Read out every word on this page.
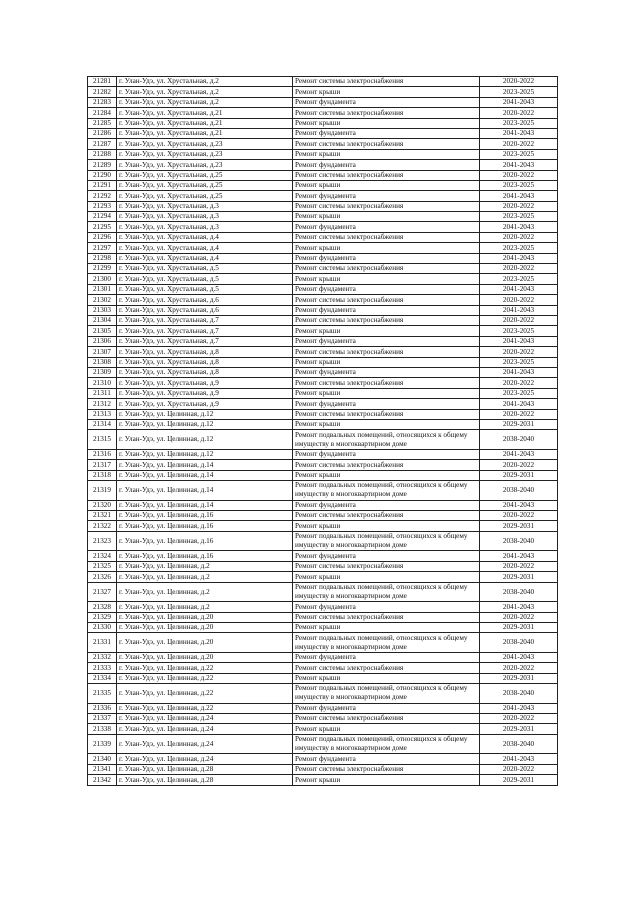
21281	г. Улан-Удэ, ул. Хрустальная, д.2	Ремонт системы электроснабжения	2020-2022
21282	г. Улан-Удэ, ул. Хрустальная, д.2	Ремонт крыши	2023-2025
21283	г. Улан-Удэ, ул. Хрустальная, д.2	Ремонт фундамента	2041-2043
21284	г. Улан-Удэ, ул. Хрустальная, д.21	Ремонт системы электроснабжения	2020-2022
21285	г. Улан-Удэ, ул. Хрустальная, д.21	Ремонт крыши	2023-2025
21286	г. Улан-Удэ, ул. Хрустальная, д.21	Ремонт фундамента	2041-2043
21287	г. Улан-Удэ, ул. Хрустальная, д.23	Ремонт системы электроснабжения	2020-2022
21288	г. Улан-Удэ, ул. Хрустальная, д.23	Ремонт крыши	2023-2025
21289	г. Улан-Удэ, ул. Хрустальная, д.23	Ремонт фундамента	2041-2043
21290	г. Улан-Удэ, ул. Хрустальная, д.25	Ремонт системы электроснабжения	2020-2022
21291	г. Улан-Удэ, ул. Хрустальная, д.25	Ремонт крыши	2023-2025
21292	г. Улан-Удэ, ул. Хрустальная, д.25	Ремонт фундамента	2041-2043
21293	г. Улан-Удэ, ул. Хрустальная, д.3	Ремонт системы электроснабжения	2020-2022
21294	г. Улан-Удэ, ул. Хрустальная, д.3	Ремонт крыши	2023-2025
21295	г. Улан-Удэ, ул. Хрустальная, д.3	Ремонт фундамента	2041-2043
21296	г. Улан-Удэ, ул. Хрустальная, д.4	Ремонт системы электроснабжения	2020-2022
21297	г. Улан-Удэ, ул. Хрустальная, д.4	Ремонт крыши	2023-2025
21298	г. Улан-Удэ, ул. Хрустальная, д.4	Ремонт фундамента	2041-2043
21299	г. Улан-Удэ, ул. Хрустальная, д.5	Ремонт системы электроснабжения	2020-2022
21300	г. Улан-Удэ, ул. Хрустальная, д.5	Ремонт крыши	2023-2025
21301	г. Улан-Удэ, ул. Хрустальная, д.5	Ремонт фундамента	2041-2043
21302	г. Улан-Удэ, ул. Хрустальная, д.6	Ремонт системы электроснабжения	2020-2022
21303	г. Улан-Удэ, ул. Хрустальная, д.6	Ремонт фундамента	2041-2043
21304	г. Улан-Удэ, ул. Хрустальная, д.7	Ремонт системы электроснабжения	2020-2022
21305	г. Улан-Удэ, ул. Хрустальная, д.7	Ремонт крыши	2023-2025
21306	г. Улан-Удэ, ул. Хрустальная, д.7	Ремонт фундамента	2041-2043
21307	г. Улан-Удэ, ул. Хрустальная, д.8	Ремонт системы электроснабжения	2020-2022
21308	г. Улан-Удэ, ул. Хрустальная, д.8	Ремонт крыши	2023-2025
21309	г. Улан-Удэ, ул. Хрустальная, д.8	Ремонт фундамента	2041-2043
21310	г. Улан-Удэ, ул. Хрустальная, д.9	Ремонт системы электроснабжения	2020-2022
21311	г. Улан-Удэ, ул. Хрустальная, д.9	Ремонт крыши	2023-2025
21312	г. Улан-Удэ, ул. Хрустальная, д.9	Ремонт фундамента	2041-2043
21313	г. Улан-Удэ, ул. Целинная, д.12	Ремонт системы электроснабжения	2020-2022
21314	г. Улан-Удэ, ул. Целинная, д.12	Ремонт крыши	2029-2031
21315	г. Улан-Удэ, ул. Целинная, д.12	Ремонт подвальных помещений, относящихся к общему имуществу в многоквартирном доме	2038-2040
21316	г. Улан-Удэ, ул. Целинная, д.12	Ремонт фундамента	2041-2043
21317	г. Улан-Удэ, ул. Целинная, д.14	Ремонт системы электроснабжения	2020-2022
21318	г. Улан-Удэ, ул. Целинная, д.14	Ремонт крыши	2029-2031
21319	г. Улан-Удэ, ул. Целинная, д.14	Ремонт подвальных помещений, относящихся к общему имуществу в многоквартирном доме	2038-2040
21320	г. Улан-Удэ, ул. Целинная, д.14	Ремонт фундамента	2041-2043
21321	г. Улан-Удэ, ул. Целинная, д.16	Ремонт системы электроснабжения	2020-2022
21322	г. Улан-Удэ, ул. Целинная, д.16	Ремонт крыши	2029-2031
21323	г. Улан-Удэ, ул. Целинная, д.16	Ремонт подвальных помещений, относящихся к общему имуществу в многоквартирном доме	2038-2040
21324	г. Улан-Удэ, ул. Целинная, д.16	Ремонт фундамента	2041-2043
21325	г. Улан-Удэ, ул. Целинная, д.2	Ремонт системы электроснабжения	2020-2022
21326	г. Улан-Удэ, ул. Целинная, д.2	Ремонт крыши	2029-2031
21327	г. Улан-Удэ, ул. Целинная, д.2	Ремонт подвальных помещений, относящихся к общему имуществу в многоквартирном доме	2038-2040
21328	г. Улан-Удэ, ул. Целинная, д.2	Ремонт фундамента	2041-2043
21329	г. Улан-Удэ, ул. Целинная, д.20	Ремонт системы электроснабжения	2020-2022
21330	г. Улан-Удэ, ул. Целинная, д.20	Ремонт крыши	2029-2031
21331	г. Улан-Удэ, ул. Целинная, д.20	Ремонт подвальных помещений, относящихся к общему имуществу в многоквартирном доме	2038-2040
21332	г. Улан-Удэ, ул. Целинная, д.20	Ремонт фундамента	2041-2043
21333	г. Улан-Удэ, ул. Целинная, д.22	Ремонт системы электроснабжения	2020-2022
21334	г. Улан-Удэ, ул. Целинная, д.22	Ремонт крыши	2029-2031
21335	г. Улан-Удэ, ул. Целинная, д.22	Ремонт подвальных помещений, относящихся к общему имуществу в многоквартирном доме	2038-2040
21336	г. Улан-Удэ, ул. Целинная, д.22	Ремонт фундамента	2041-2043
21337	г. Улан-Удэ, ул. Целинная, д.24	Ремонт системы электроснабжения	2020-2022
21338	г. Улан-Удэ, ул. Целинная, д.24	Ремонт крыши	2029-2031
21339	г. Улан-Удэ, ул. Целинная, д.24	Ремонт подвальных помещений, относящихся к общему имуществу в многоквартирном доме	2038-2040
21340	г. Улан-Удэ, ул. Целинная, д.24	Ремонт фундамента	2041-2043
21341	г. Улан-Удэ, ул. Целинная, д.28	Ремонт системы электроснабжения	2020-2022
21342	г. Улан-Удэ, ул. Целинная, д.28	Ремонт крыши	2029-2031
